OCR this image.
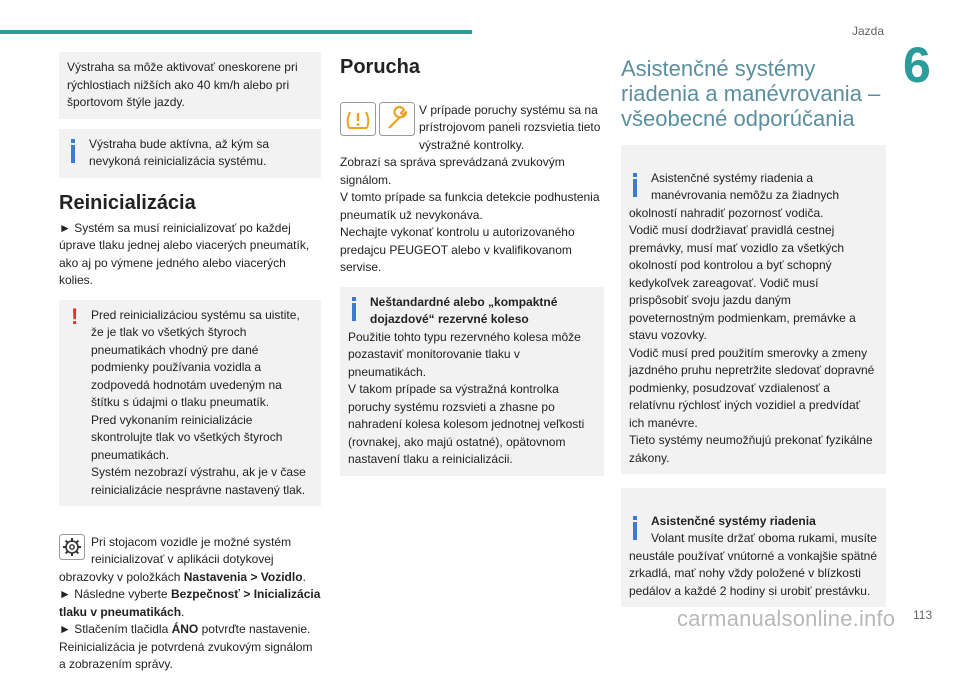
Jazda
6
Výstraha sa môže aktivovať oneskorene pri rýchlostiach nižších ako 40 km/h alebo pri športovom štýle jazdy.
Výstraha bude aktívna, až kým sa nevykoná reinicializácia systému.
Reinicializácia

► Systém sa musí reinicializovať po každej úprave tlaku jednej alebo viacerých pneumatík, ako aj po výmene jedného alebo viacerých kolies.

!	Pred reinicializáciou systému sa uistite, že je tlak vo všetkých štyroch pneumatikách vhodný pre dané podmienky používania vozidla a zodpovedá hodnotám uvedeným na štítku s údajmi o tlaku pneumatík.
Pred vykonaním reinicializácie skontrolujte tlak vo všetkých štyroch pneumatikách.
Systém nezobrazí výstrahu, ak je v čase reinicializácie nesprávne nastavený tlak.

Pri stojacom vozidle je možné systém reinicializovať v aplikácii dotykovej obrazovky v položkách Nastavenia > Vozidlo.
► Následne vyberte Bezpečnosť > Inicializácia tlaku v pneumatikách.
► Stlačením tlačidla ÁNO potvrďte nastavenie.
Reinicializácia je potvrdená zvukovým signálom a zobrazením správy.

Porucha

V prípade poruchy systému sa na prístrojovom paneli rozsvietia tieto výstražné kontrolky.
Zobrazí sa správa sprevádzaná zvukovým signálom.
V tomto prípade sa funkcia detekcie podhustenia pneumatík už nevykonáva.
Nechajte vykonať kontrolu u autorizovaného predajcu PEUGEOT alebo v kvalifikovanom servise.

Neštandardné alebo „kompaktné dojazdové“ rezervné koleso
Použitie tohto typu rezervného kolesa môže pozastaviť monitorovanie tlaku v pneumatikách.
V takom prípade sa výstražná kontrolka poruchy systému rozsvieti a zhasne po nahradení kolesa kolesom jednotnej veľkosti (rovnakej, ako majú ostatné), opätovnom nastavení tlaku a reinicializácii.
Asistenčné systémy riadenia a manévrovania – všeobecné odporúčania

Asistenčné systémy riadenia a manévrovania nemôžu za žiadnych okolností nahradiť pozornosť vodiča.
Vodič musí dodržiavať pravidlá cestnej premávky, musí mať vozidlo za všetkých okolností pod kontrolou a byť schopný kedykoľvek zareagovať. Vodič musí prispôsobiť svoju jazdu daným poveternostným podmienkam, premávke a stavu vozovky.
Vodič musí pred použitím smerovky a zmeny jazdného pruhu nepretržite sledovať dopravné podmienky, posudzovať vzdialenosť a relatívnu rýchlosť iných vozidiel a predvídať ich manévre.
Tieto systémy neumožňujú prekonať fyzikálne zákony.

Asistenčné systémy riadenia
Volant musíte držať oboma rukami, musíte neustále používať vnútorné a vonkajšie spätné zrkadlá, mať nohy vždy položené v blízkosti pedálov a každé 2 hodiny si urobiť prestávku.

carmanualsonline.info 113
